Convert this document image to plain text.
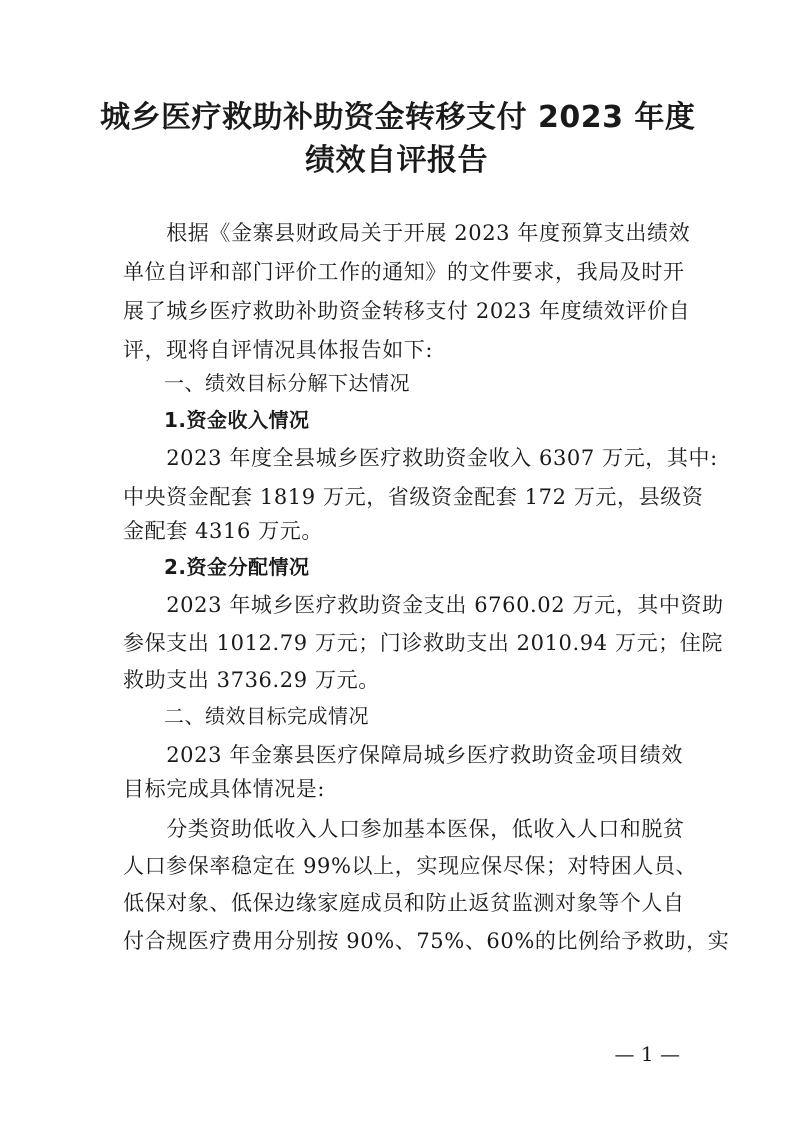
城乡医疗救助补助资金转移支付 2023 年度
绩效自评报告
　　根据《金寨县财政局关于开展 2023 年度预算支出绩效
单位自评和部门评价工作的通知》的文件要求，我局及时开
展了城乡医疗救助补助资金转移支付 2023 年度绩效评价自
评，现将自评情况具体报告如下:
　　一、绩效目标分解下达情况
　　1.资金收入情况
　　2023 年度全县城乡医疗救助资金收入 6307 万元，其中:
中央资金配套 1819 万元，省级资金配套 172 万元，县级资
金配套 4316 万元。
　　2.资金分配情况
　　2023 年城乡医疗救助资金支出 6760.02 万元，其中资助
参保支出 1012.79 万元；门诊救助支出 2010.94 万元；住院
救助支出 3736.29 万元。
　　二、绩效目标完成情况
　　2023 年金寨县医疗保障局城乡医疗救助资金项目绩效
目标完成具体情况是:
　　分类资助低收入人口参加基本医保，低收入人口和脱贫
人口参保率稳定在 99%以上，实现应保尽保；对特困人员、
低保对象、低保边缘家庭成员和防止返贫监测对象等个人自
付合规医疗费用分别按 90%、75%、60%的比例给予救助，实
— 1 —
